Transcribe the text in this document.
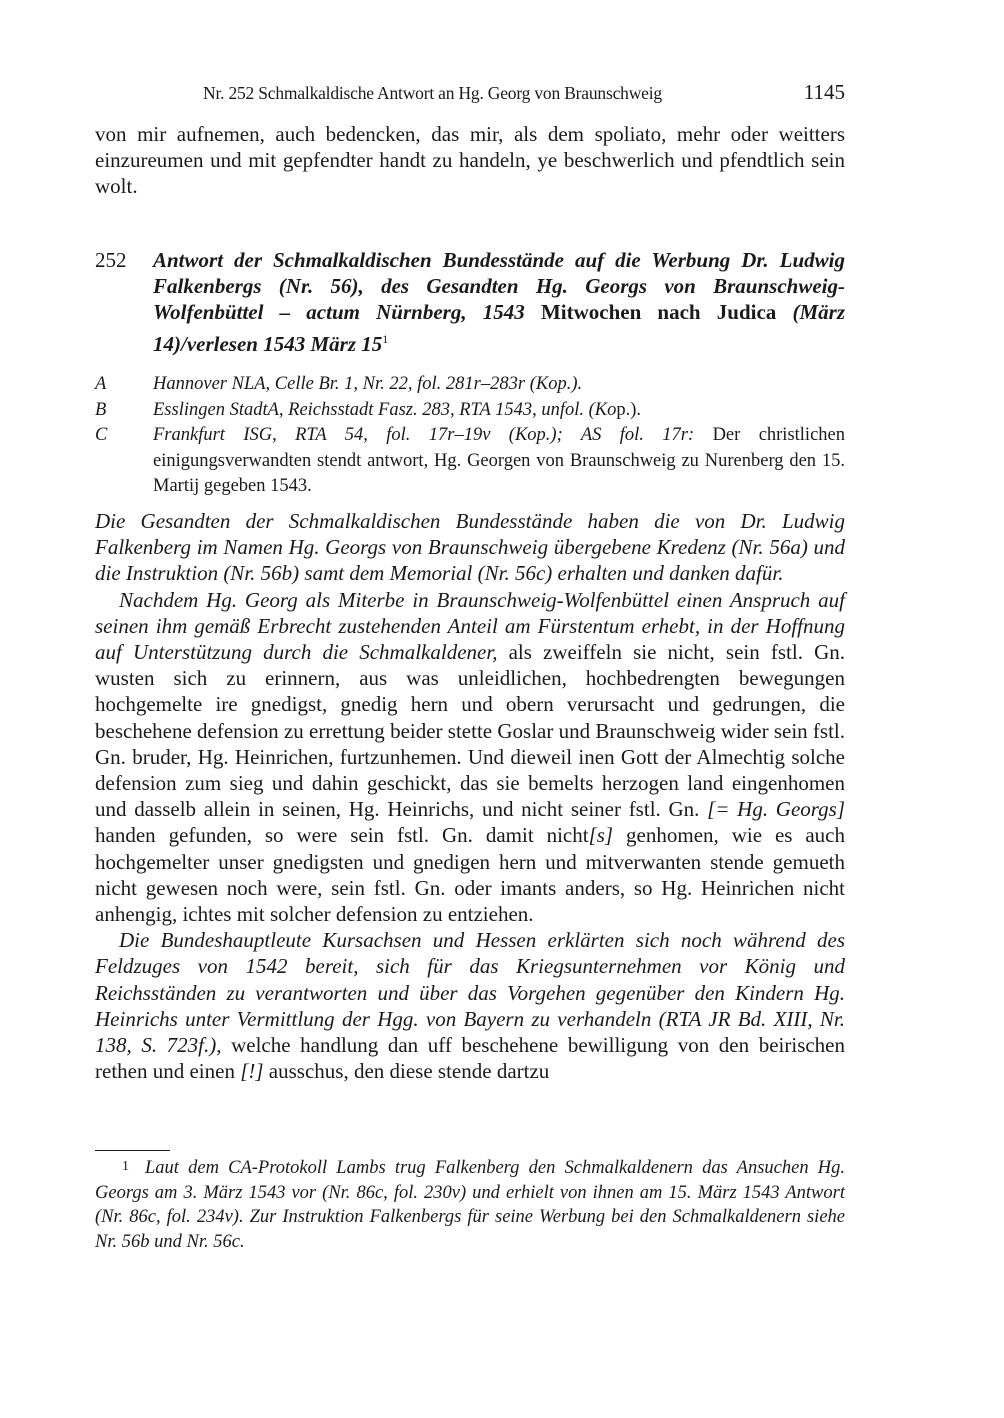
Nr. 252 Schmalkaldische Antwort an Hg. Georg von Braunschweig	1145
von mir aufnemen, auch bedencken, das mir, als dem spoliato, mehr oder weitters einzureumen und mit gepfendter handt zu handeln, ye beschwerlich und pfendtlich sein wolt.
252 Antwort der Schmalkaldischen Bundesstände auf die Werbung Dr. Ludwig Falkenbergs (Nr. 56), des Gesandten Hg. Georgs von Braunschweig-Wolfenbüttel – actum Nürnberg, 1543 Mitwochen nach Judica (März 14)/verlesen 1543 März 15$^1$
A	Hannover NLA, Celle Br. 1, Nr. 22, fol. 281r–283r (Kop.).
B	Esslingen StadtA, Reichsstadt Fasz. 283, RTA 1543, unfol. (Kop.).
C Frankfurt ISG, RTA 54, fol. 17r–19v (Kop.); AS fol. 17r: Der christlichen einigungsverwandten stendt antwort, Hg. Georgen von Braunschweig zu Nurenberg den 15. Martij gegeben 1543.

Die Gesandten der Schmalkaldischen Bundesstände haben die von Dr. Ludwig Falkenberg im Namen Hg. Georgs von Braunschweig übergebene Kredenz (Nr. 56a) und die Instruktion (Nr. 56b) samt dem Memorial (Nr. 56c) erhalten und danken dafür.

Nachdem Hg. Georg als Miterbe in Braunschweig-Wolfenbüttel einen Anspruch auf seinen ihm gemäß Erbrecht zustehenden Anteil am Fürstentum erhebt, in der Hoffnung auf Unterstützung durch die Schmalkaldener, als zweiffeln sie nicht, sein fstl. Gn. wusten sich zu erinnern, aus was unleidlichen, hochbedrengten bewegungen hochgemelte ire gnedigst, gnedig hern und obern verursacht und gedrungen, die beschehene defension zu errettung beider stette Goslar und Braunschweig wider sein fstl. Gn. bruder, Hg. Heinrichen, furtzunhemen. Und dieweil inen Gott der Almechtig solche defension zum sieg und dahin geschickt, das sie bemelts herzogen land eingenhomen und dasselb allein in seinen, Hg. Heinrichs, und nicht seiner fstl. Gn. [= Hg. Georgs] handen gefunden, so were sein fstl. Gn. damit nicht[s] genhomen, wie es auch hochgemelter unser gnedigsten und gnedigen hern und mitverwanten stende gemueth nicht gewesen noch were, sein fstl. Gn. oder imants anders, so Hg. Heinrichen nicht anhengig, ichtes mit solcher defension zu entziehen.

Die Bundeshauptleute Kursachsen und Hessen erklärten sich noch während des Feldzuges von 1542 bereit, sich für das Kriegsunternehmen vor König und Reichsständen zu verantworten und über das Vorgehen gegenüber den Kindern Hg. Heinrichs unter Vermittlung der Hgg. von Bayern zu verhandeln (RTA JR Bd. XIII, Nr. 138, S. 723f.), welche handlung dan uff beschehene bewilligung von den beirischen rethen und einen [!] ausschus, den diese stende dartzu

1 Laut dem CA-Protokoll Lambs trug Falkenberg den Schmalkaldenern das Ansuchen Hg. Georgs am 3. März 1543 vor (Nr. 86c, fol. 230v) und erhielt von ihnen am 15. März 1543 Antwort (Nr. 86c, fol. 234v). Zur Instruktion Falkenbergs für seine Werbung bei den Schmalkaldenern siehe Nr. 56b und Nr. 56c.
